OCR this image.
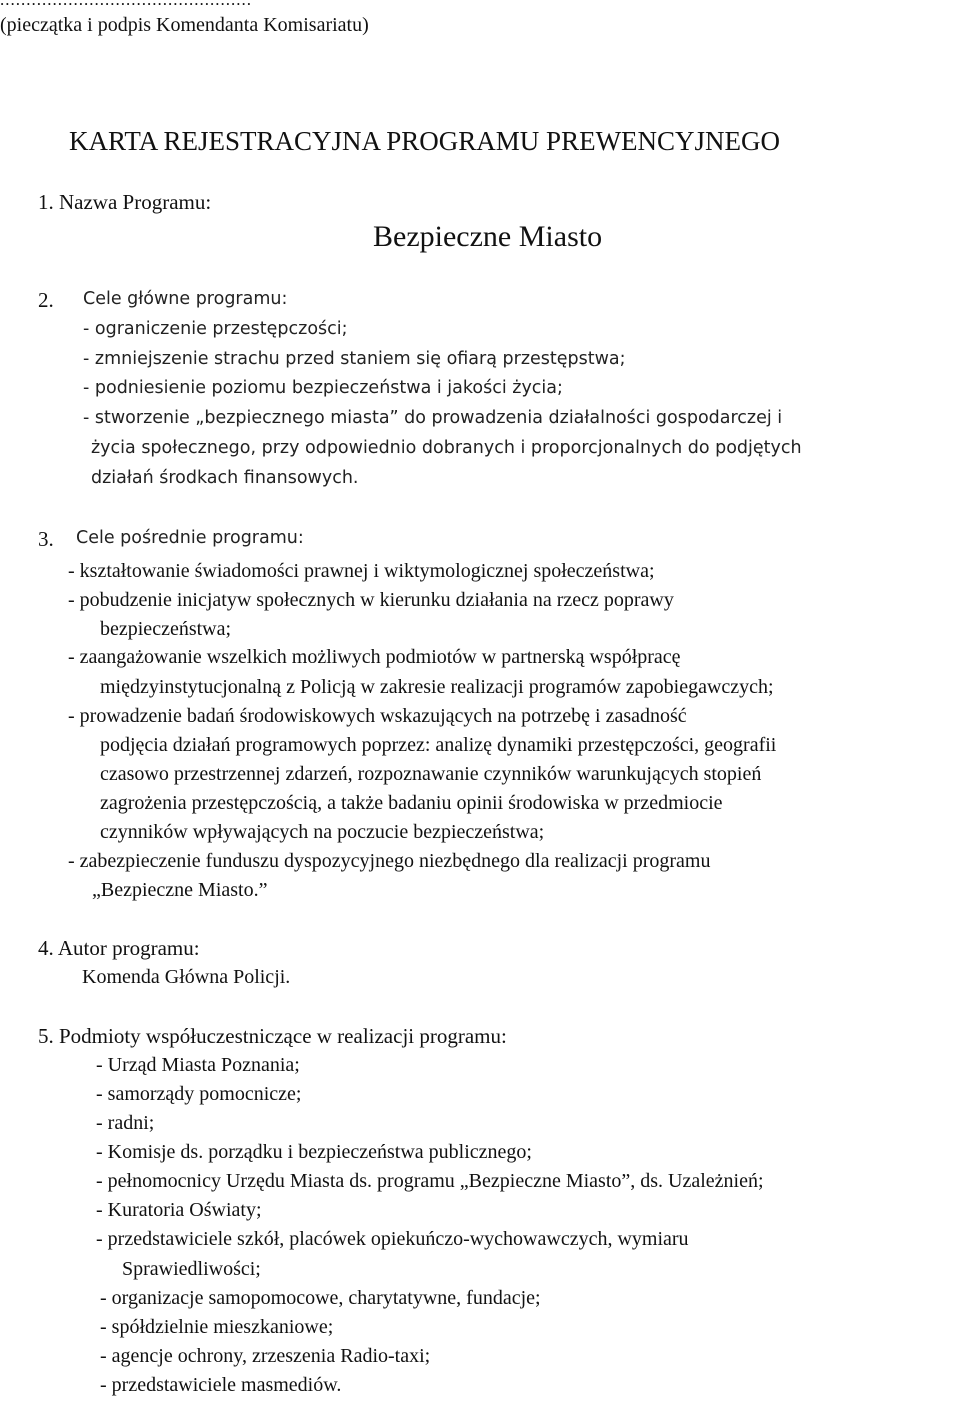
(pieczątka i podpis Komendanta Komisariatu)
KARTA REJESTRACYJNA PROGRAMU PREWENCYJNEGO
1. Nazwa Programu:
Bezpieczne Miasto
2. Cele główne programu:
- ograniczenie przestępczości;
- zmniejszenie strachu przed staniem się ofiarą przestępstwa;
- podniesienie poziomu bezpieczeństwa i jakości życia;
- stworzenie „bezpiecznego miasta” do prowadzenia działalności gospodarczej i
życia społecznego, przy odpowiednio dobranych i proporcjonalnych do podjętych
działań środkach finansowych.
3. Cele pośrednie programu:
- kształtowanie świadomości prawnej i wiktymologicznej społeczeństwa;
- pobudzenie inicjatyw społecznych w kierunku działania na rzecz poprawy
bezpieczeństwa;
- zaangażowanie wszelkich możliwych podmiotów w partnerską współpracę
międzyinstytucjonalną z Policją w zakresie realizacji programów zapobiegawczych;
- prowadzenie badań środowiskowych wskazujących na potrzebę i zasadność
podjęcia działań programowych poprzez: analizę dynamiki przestępczości, geografii
czasowo przestrzennej zdarzeń, rozpoznawanie czynników warunkujących stopień
zagrożenia przestępczością, a także badaniu opinii środowiska w przedmiocie
czynników wpływających na poczucie bezpieczeństwa;
- zabezpieczenie funduszu dyspozycyjnego niezbędnego dla realizacji programu
„Bezpieczne Miasto.”
4. Autor programu:
Komenda Główna Policji.
5. Podmioty współuczestniczące w realizacji programu:
- Urząd Miasta Poznania;
- samorządy pomocnicze;
- radni;
- Komisje ds. porządku i bezpieczeństwa publicznego;
- pełnomocnicy Urzędu Miasta ds. programu „Bezpieczne Miasto”, ds. Uzależnień;
- Kuratoria Oświaty;
- przedstawiciele szkół, placówek opiekuńczo-wychowawczych, wymiaru
Sprawiedliwości;
- organizacje samopomocowe, charytatywne, fundacje;
- spółdzielnie mieszkaniowe;
- agencje ochrony, zrzeszenia Radio-taxi;
- przedstawiciele masmediów.
